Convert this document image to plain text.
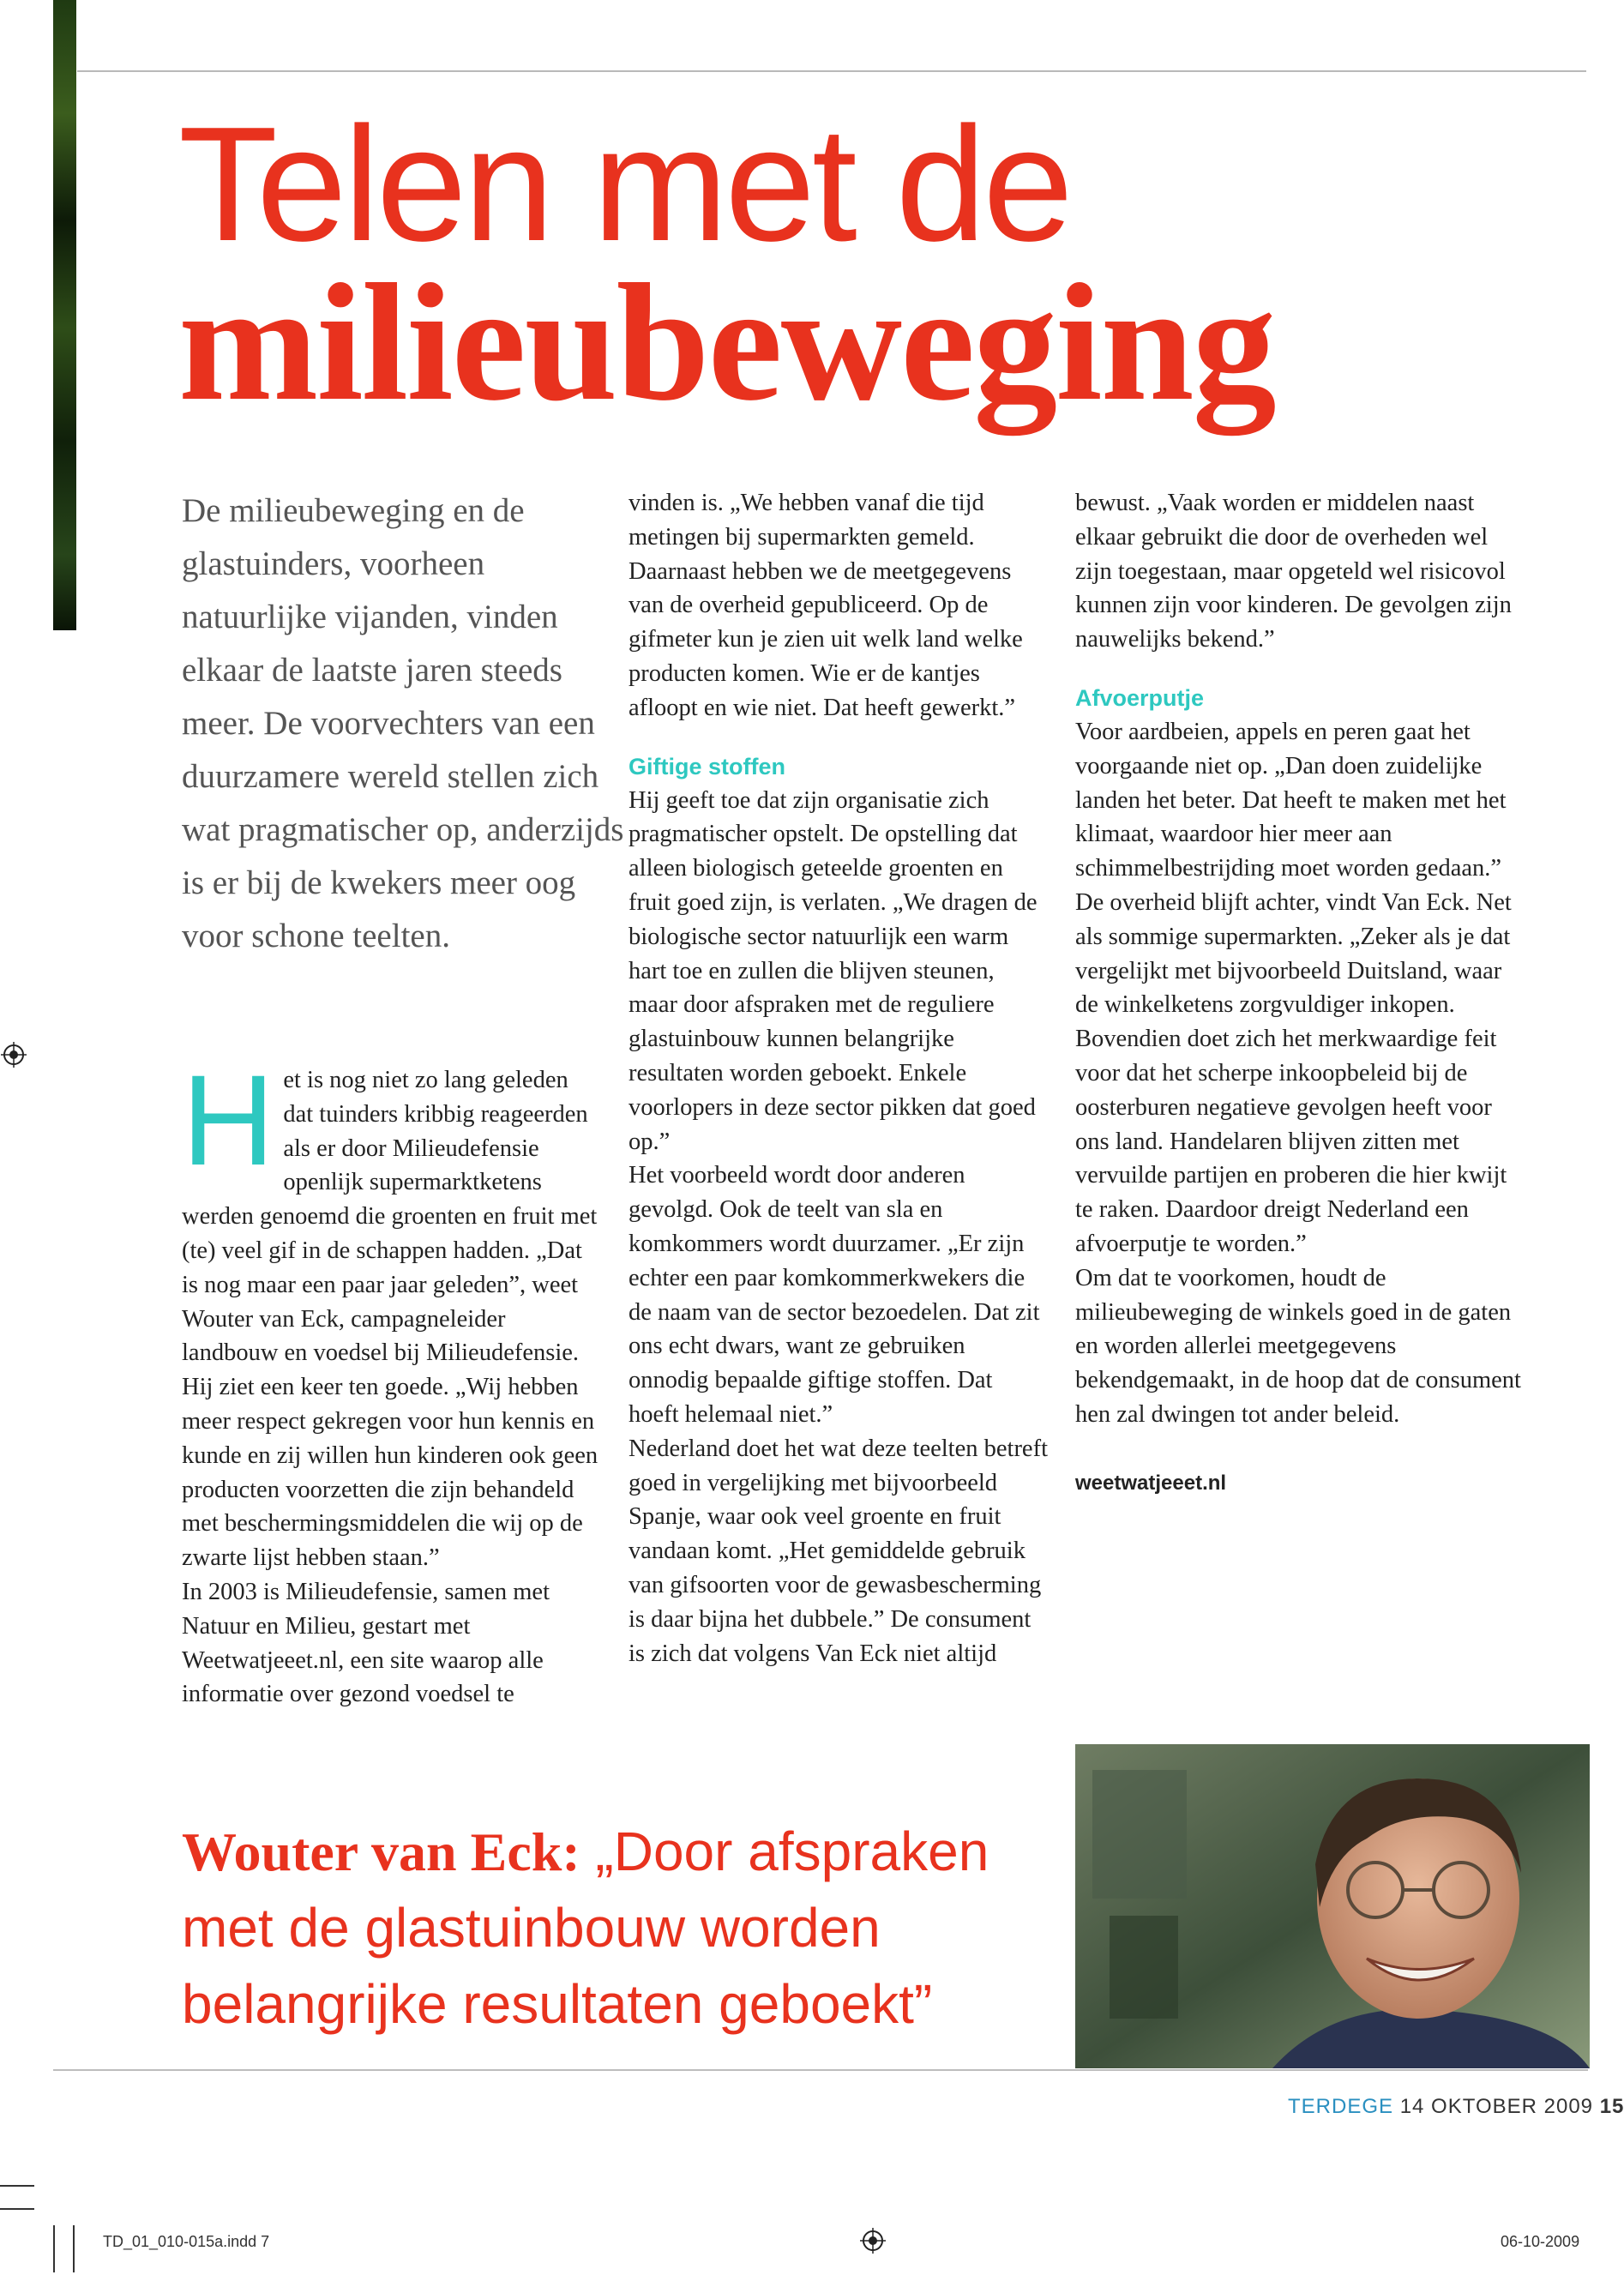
Telen met de
milieubeweging

De milieubeweging en de glastuinders, voorheen natuurlijke vijanden, vinden elkaar de laatste jaren steeds meer. De voorvechters van een duurzamere wereld stellen zich wat pragmatischer op, anderzijds is er bij de kwekers meer oog voor schone teelten.

Het is nog niet zo lang geleden dat tuinders kribbig reageerden als er door Milieudefensie openlijk supermarktketens werden genoemd die groenten en fruit met (te) veel gif in de schappen hadden. „Dat is nog maar een paar jaar geleden”, weet Wouter van Eck, campagneleider landbouw en voedsel bij Milieudefensie. Hij ziet een keer ten goede. „Wij hebben meer respect gekregen voor hun kennis en kunde en zij willen hun kinderen ook geen producten voorzetten die zijn behandeld met beschermingsmiddelen die wij op de zwarte lijst hebben staan.”

In 2003 is Milieudefensie, samen met Natuur en Milieu, gestart met Weetwatjeeet.nl, een site waarop alle informatie over gezond voedsel te

vinden is. „We hebben vanaf die tijd metingen bij supermarkten gemeld. Daarnaast hebben we de meetgegevens van de overheid gepubliceerd. Op de gifmeter kun je zien uit welk land welke producten komen. Wie er de kantjes afloopt en wie niet. Dat heeft gewerkt.”

Giftige stoffen

Hij geeft toe dat zijn organisatie zich pragmatischer opstelt. De opstelling dat alleen biologisch geteelde groenten en fruit goed zijn, is verlaten. „We dragen de biologische sector natuurlijk een warm hart toe en zullen die blijven steunen, maar door afspraken met de reguliere glastuinbouw kunnen belangrijke resultaten worden geboekt. Enkele voorlopers in deze sector pikken dat goed op.”

Het voorbeeld wordt door anderen gevolgd. Ook de teelt van sla en komkommers wordt duurzamer. „Er zijn echter een paar komkommerkwekers die de naam van de sector bezoedelen. Dat zit ons echt dwars, want ze gebruiken onnodig bepaalde giftige stoffen. Dat hoeft helemaal niet.”

Nederland doet het wat deze teelten betreft goed in vergelijking met bijvoorbeeld Spanje, waar ook veel groente en fruit vandaan komt. „Het gemiddelde gebruik van gifsoorten voor de gewasbescherming is daar bijna het dubbele.” De consument is zich dat volgens Van Eck niet altijd

bewust. „Vaak worden er middelen naast elkaar gebruikt die door de overheden wel zijn toegestaan, maar opgeteld wel risicovol kunnen zijn voor kinderen. De gevolgen zijn nauwelijks bekend.”

Afvoerputje

Voor aardbeien, appels en peren gaat het voorgaande niet op. „Dan doen zuidelijke landen het beter. Dat heeft te maken met het klimaat, waardoor hier meer aan schimmelbestrijding moet worden gedaan.”

De overheid blijft achter, vindt Van Eck. Net als sommige supermarkten. „Zeker als je dat vergelijkt met bijvoorbeeld Duitsland, waar de winkelketens zorgvuldiger inkopen. Bovendien doet zich het merkwaardige feit voor dat het scherpe inkoopbeleid bij de oosterburen negatieve gevolgen heeft voor ons land. Handelaren blijven zitten met vervuilde partijen en proberen die hier kwijt te raken. Daardoor dreigt Nederland een afvoerputje te worden.”

Om dat te voorkomen, houdt de milieubeweging de winkels goed in de gaten en worden allerlei meetgegevens bekendgemaakt, in de hoop dat de consument hen zal dwingen tot ander beleid.

weetwatjeeet.nl

Wouter van Eck: „Door afspraken met de glastuinbouw worden belangrijke resultaten geboekt”
TERDEGE 14 OKTOBER 2009 15
TD_01_010-015a.indd 7	06-10-2009
